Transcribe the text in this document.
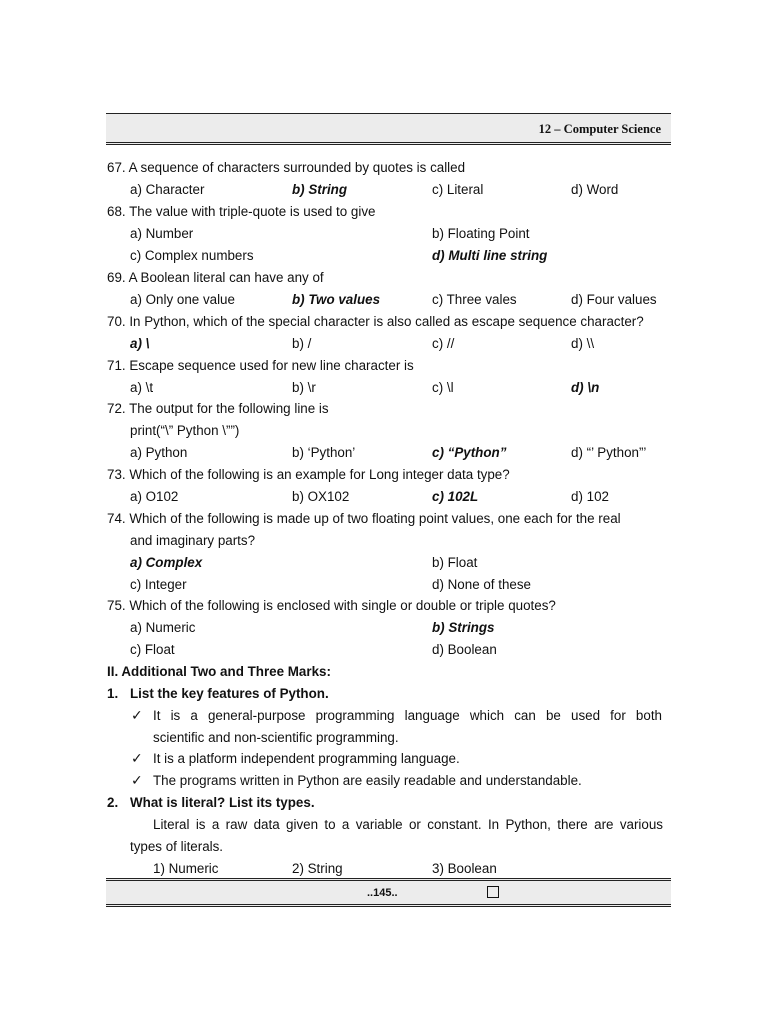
12 – Computer Science
67. A sequence of characters surrounded by quotes is called
a) Character	b) String	c) Literal	d) Word
68. The value with triple-quote is used to give
a) Number	b) Floating Point
c) Complex numbers	d) Multi line string
69. A Boolean literal can have any of
a) Only one value	b) Two values	c) Three vales	d) Four values
70. In Python, which of the special character is also called as escape sequence character?
a) \	b) /	c) //	d) \\
71. Escape sequence used for new line character is
a) \t	b) \r	c) \l	d) \n
72. The output for the following line is
print(“\” Python \””)
a) Python	b) ‘Python’	c) “Python”	d) “’ Python”’
73. Which of the following is an example for Long integer data type?
a) O102	b) OX102	c) 102L	d) 102
74. Which of the following is made up of two floating point values, one each for the real
and imaginary parts?
a) Complex	b) Float
c) Integer	d) None of these
75. Which of the following is enclosed with single or double or triple quotes?
a) Numeric	b) Strings
c) Float	d) Boolean
II. Additional Two and Three Marks:
1. List the key features of Python.
✓ It is a general-purpose programming language which can be used for both
scientific and non-scientific programming.
✓ It is a platform independent programming language.
✓ The programs written in Python are easily readable and understandable.
2. What is literal? List its types.
Literal is a raw data given to a variable or constant. In Python, there are various
types of literals.
1) Numeric	2) String	3) Boolean
..145..
